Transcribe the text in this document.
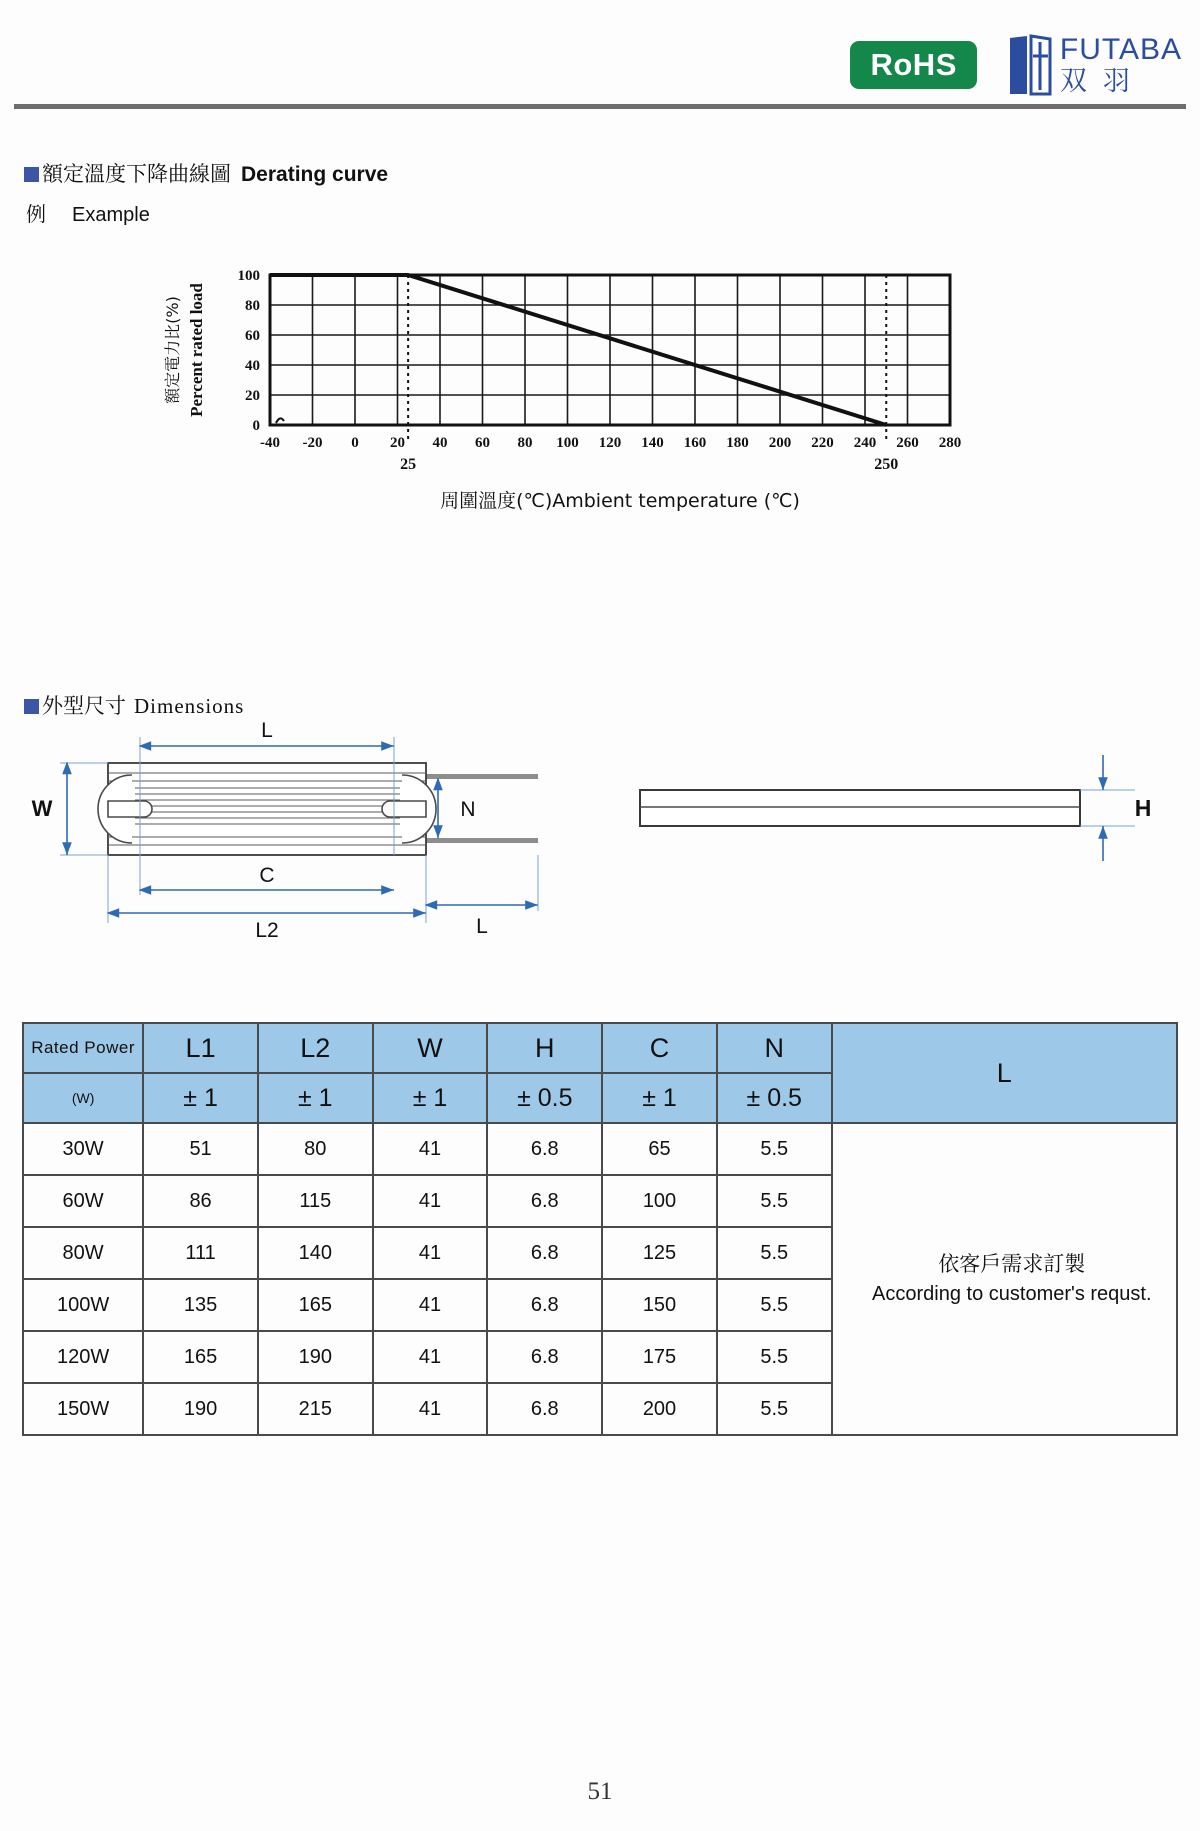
RoHS	FUTABA
双羽
額定溫度下降曲線圖 Derating curve
例 Example
0
20
40
60
80
100
-40 -20 0 20 40 60 80 100 120 140 160 180 200 220 240 260 280
25	250
額定電力比(%) Percent rated load
周圍溫度(℃)Ambient temperature (℃)
外型尺寸 Dimensions
L
W
C
L2
N
L
H
Rated Power	L1	L2	W	H	C	N	L
(W)	± 1	± 1	± 1	± 0.5	± 1	± 0.5	
30W	51	80	41	6.8	65	5.5	依客戶需求訂製
According to customer's requst.

60W	86	115	41	6.8	100	5.5	
80W	111	140	41	6.8	125	5.5	
100W	135	165	41	6.8	150	5.5	
120W	165	190	41	6.8	175	5.5	
150W	190	215	41	6.8	200	5.5	
51
